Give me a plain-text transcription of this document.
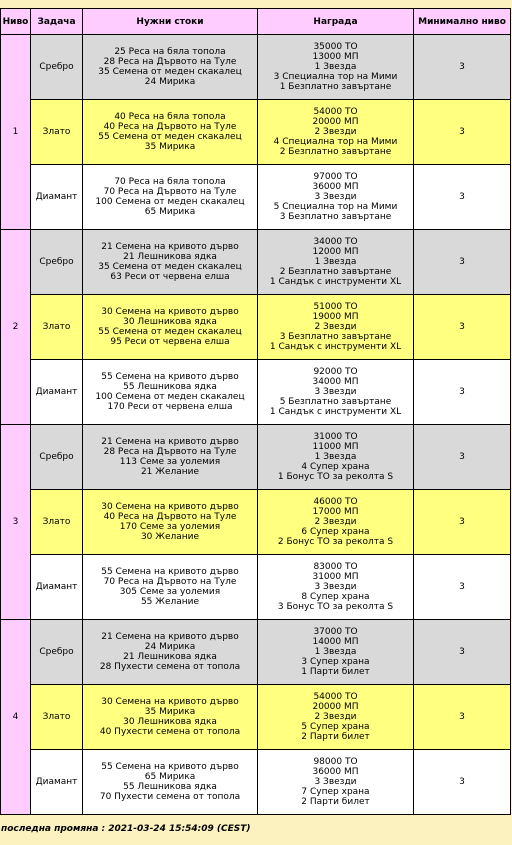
Ниво	Задача	Нужни стоки	Награда	Минимално ниво
1	Сребро	25 Реса на бяла топола
28 Реса на Дървото на Туле
35 Семена от меден скакалец
24 Мирика	35000 ТО
13000 МП
1 Звезда
3 Специална тор на Мими
1 Безплатно завъртане	3
	Злато	40 Реса на бяла топола
40 Реса на Дървото на Туле
55 Семена от меден скакалец
35 Мирика	54000 ТО
20000 МП
2 Звезди
4 Специална тор на Мими
2 Безплатно завъртане	3
	Диамант	70 Реса на бяла топола
70 Реса на Дървото на Туле
100 Семена от меден скакалец
65 Мирика	97000 ТО
36000 МП
3 Звезди
5 Специална тор на Мими
3 Безплатно завъртане	3
2	Сребро	21 Семена на кривото дърво
21 Лешникова ядка
35 Семена от меден скакалец
63 Реси от червена елша	34000 ТО
12000 МП
1 Звезда
2 Безплатно завъртане
1 Сандък с инструменти XL	3
	Злато	30 Семена на кривото дърво
30 Лешникова ядка
55 Семена от меден скакалец
95 Реси от червена елша	51000 ТО
19000 МП
2 Звезди
3 Безплатно завъртане
1 Сандък с инструменти XL	3
	Диамант	55 Семена на кривото дърво
55 Лешникова ядка
100 Семена от меден скакалец
170 Реси от червена елша	92000 ТО
34000 МП
3 Звезди
5 Безплатно завъртане
1 Сандък с инструменти XL	3
3	Сребро	21 Семена на кривото дърво
28 Реса на Дървото на Туле
113 Семе за уолемия
21 Желание	31000 ТО
11000 МП
1 Звезда
4 Супер храна
1 Бонус ТО за реколта S	3
	Злато	30 Семена на кривото дърво
40 Реса на Дървото на Туле
170 Семе за уолемия
30 Желание	46000 ТО
17000 МП
2 Звезди
6 Супер храна
2 Бонус ТО за реколта S	3
	Диамант	55 Семена на кривото дърво
70 Реса на Дървото на Туле
305 Семе за уолемия
55 Желание	83000 ТО
31000 МП
3 Звезди
8 Супер храна
3 Бонус ТО за реколта S	3
4	Сребро	21 Семена на кривото дърво
24 Мирика
21 Лешникова ядка
28 Пухести семена от топола	37000 ТО
14000 МП
1 Звезда
3 Супер храна
1 Парти билет	3
	Злато	30 Семена на кривото дърво
35 Мирика
30 Лешникова ядка
40 Пухести семена от топола	54000 ТО
20000 МП
2 Звезди
5 Супер храна
2 Парти билет	3
	Диамант	55 Семена на кривото дърво
65 Мирика
55 Лешникова ядка
70 Пухести семена от топола	98000 ТО
36000 МП
3 Звезди
7 Супер храна
2 Парти билет	3
последна промяна : 2021-03-24 15:54:09 (CEST)
